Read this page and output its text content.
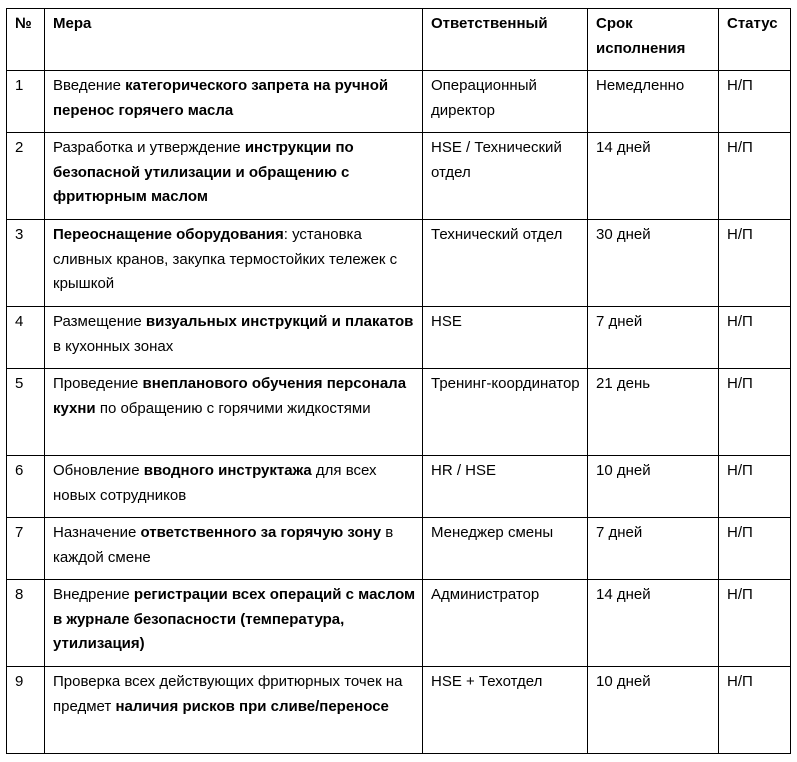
№	Мера	Ответственный	Срок исполнения	Статус
1	Введение категорического запрета на ручной перенос горячего масла	Операционный директор	Немедленно	Н/П
2	Разработка и утверждение инструкции по безопасной утилизации и обращению с фритюрным маслом	HSE / Технический отдел	14 дней	Н/П
3	Переоснащение оборудования: установка сливных кранов, закупка термостойких тележек с крышкой	Технический отдел	30 дней	Н/П
4	Размещение визуальных инструкций и плакатов в кухонных зонах	HSE	7 дней	Н/П
5	Проведение внепланового обучения персонала кухни по обращению с горячими жидкостями	Тренинг-координатор	21 день	Н/П
6	Обновление вводного инструктажа для всех новых сотрудников	HR / HSE	10 дней	Н/П
7	Назначение ответственного за горячую зону в каждой смене	Менеджер смены	7 дней	Н/П
8	Внедрение регистрации всех операций с маслом в журнале безопасности (температура, утилизация)	Администратор	14 дней	Н/П
9	Проверка всех действующих фритюрных точек на предмет наличия рисков при сливе/переносе	HSE + Техотдел	10 дней	Н/П
